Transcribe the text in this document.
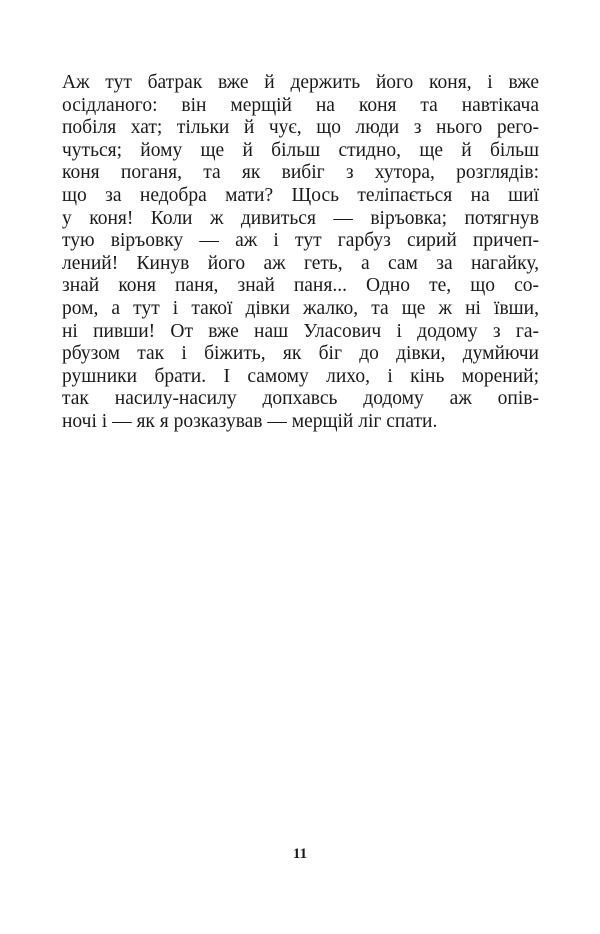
Аж тут батрак вже й держить його коня, і вже
осідланого: він мерщій на коня та навтікача
побіля хат; тільки й чує, що люди з нього рего-
чуться; йому ще й більш стидно, ще й більш
коня поганя, та як вибіг з хутора, розглядів:
що за недобра мати? Щось теліпається на шиї
у коня! Коли ж дивиться — віръовка; потягнув
тую віръовку — аж і тут гарбуз сирий причеп-
лений! Кинув його аж геть, а сам за нагайку,
знай коня паня, знай паня... Одно те, що со-
ром, а тут і такої дівки жалко, та ще ж ні ївши,
ні пивши! От вже наш Уласович і додому з га-
рбузом так і біжить, як біг до дівки, думйючи
рушники брати. І самому лихо, і кінь морений;
так насилу-насилу допхавсь додому аж опів-
ночі і — як я розказував — мерщій ліг спати.
11
